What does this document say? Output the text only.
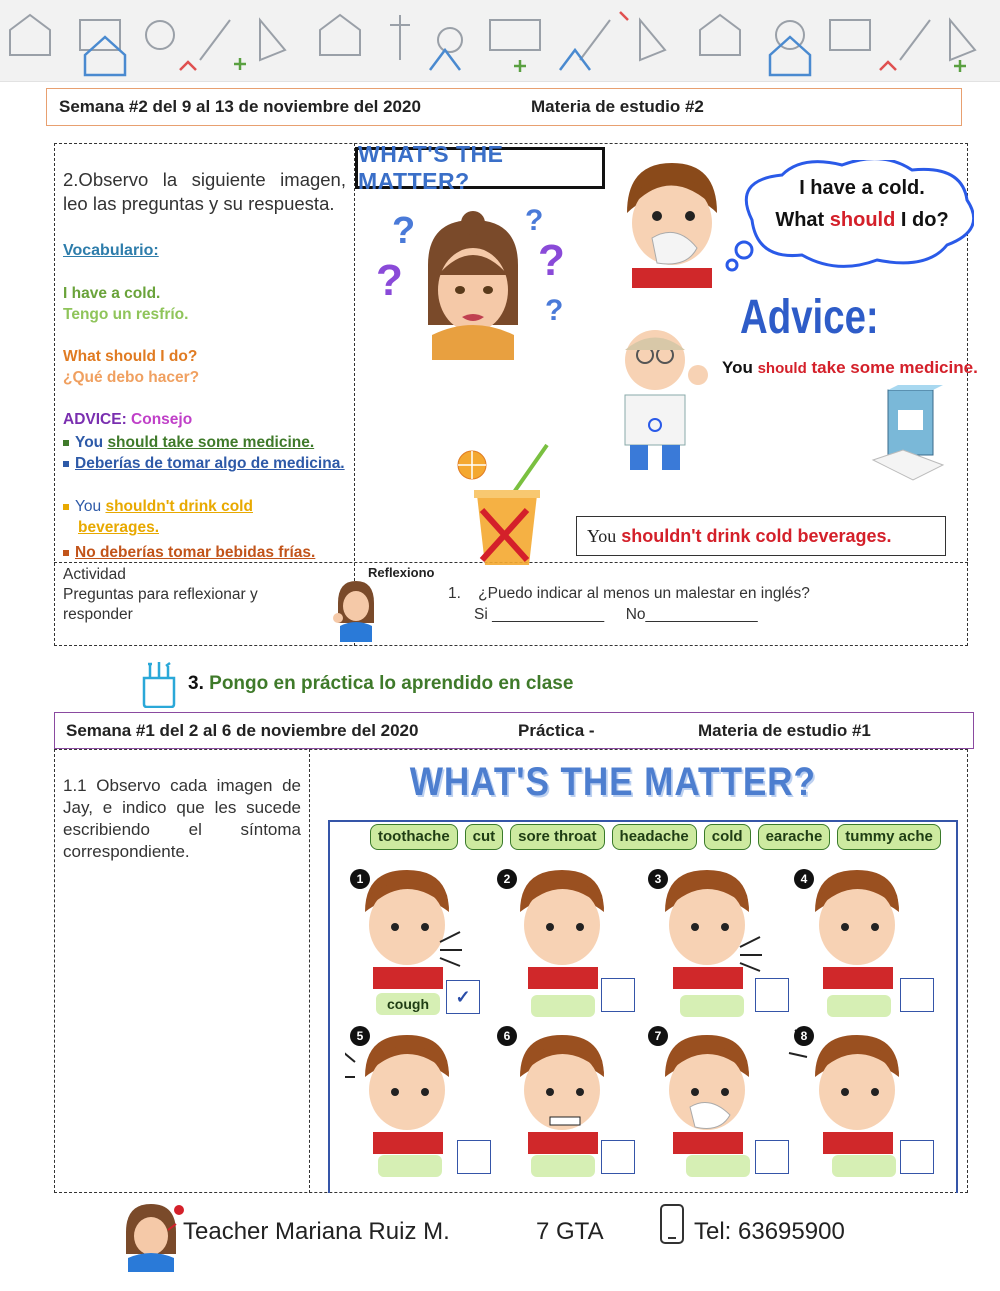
Semana #2 del 9 al 13 de noviembre del 2020	Materia de estudio #2
2.Observo la siguiente imagen, leo las preguntas y su respuesta.
Vocabulario:
I have a cold.
Tengo un resfrío.
What should I do?
¿Qué debo hacer?
ADVICE: Consejo
You should take some medicine.
Deberías de tomar algo de medicina.
You shouldn't drink cold beverages.
No deberías tomar bebidas frías.
WHAT'S THE MATTER?
?
?
?
?
?
I have a cold.
What should I do?
Advice:
You should take some medicine.
You
shouldn't drink cold beverages.
Actividad
Preguntas para reflexionar y responder
Reflexiono
1. ¿Puedo indicar al menos un malestar en inglés?
Si _____________ No_____________
3. Pongo en práctica lo aprendido en clase
Semana #1 del 2 al 6 de noviembre del 2020	Práctica -	Materia de estudio #1
1.1 Observo cada imagen de Jay, e indico que les sucede escribiendo el síntoma correspondiente.
WHAT'S THE MATTER?
toothache	cut	sore throat	headache	cold	earache	tummy ache
1	2	3	4
5	6	7	8
cough	✓
Teacher Mariana Ruiz M.	7 GTA	Tel: 63695900
